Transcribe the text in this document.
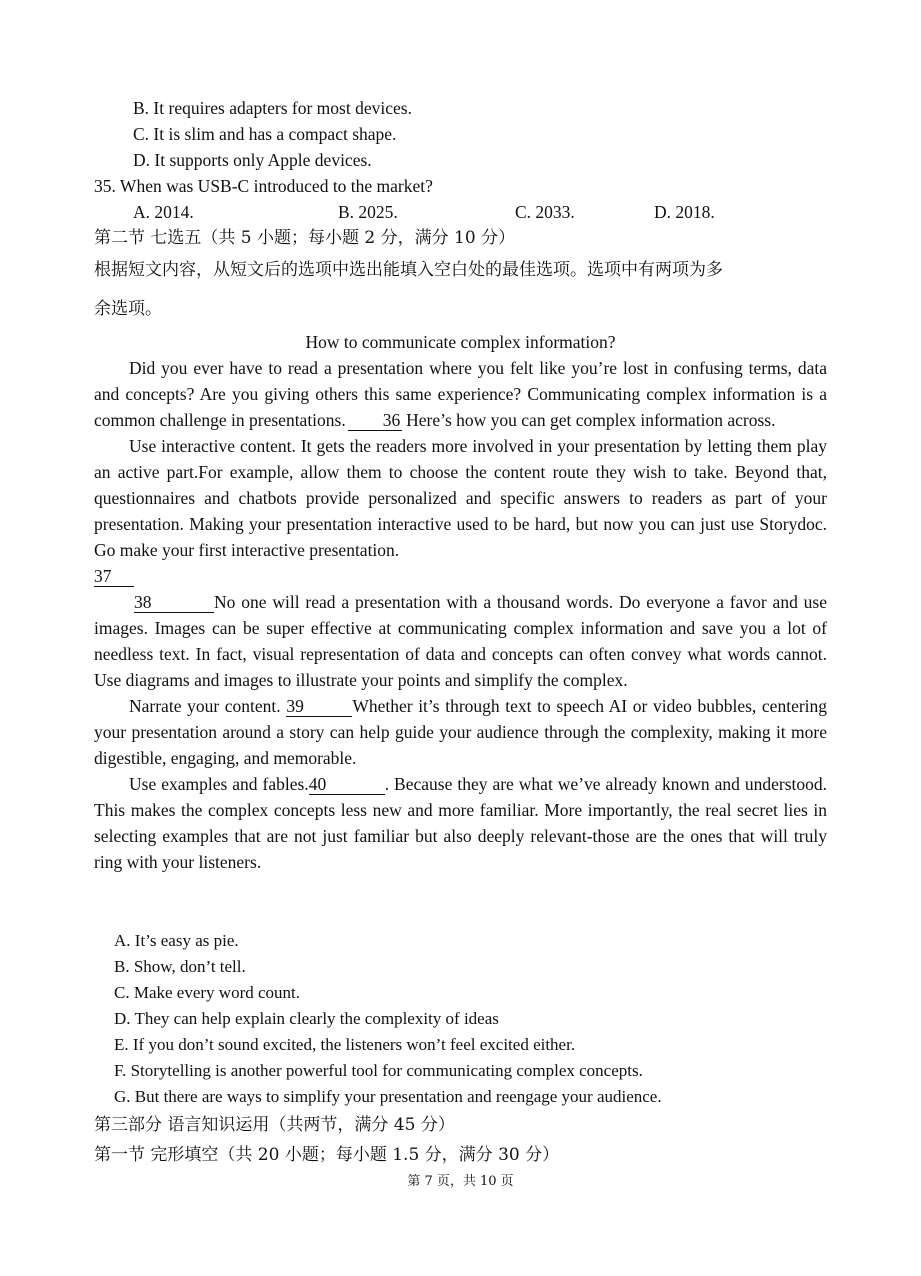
B. It requires adapters for most devices.
C. It is slim and has a compact shape.
D. It supports only Apple devices.
35. When was USB-C introduced to the market?
A. 2014.	B. 2025.	C. 2033.	D. 2018.
第二节 七选五（共 5 小题；每小题 2 分，满分 10 分）
根据短文内容，从短文后的选项中选出能填入空白处的最佳选项。选项中有两项为多
余选项。
How to communicate complex information?

Did you ever have to read a presentation where you felt like you’re lost in confusing terms, data and concepts? Are you giving others this same experience? Communicating complex information is a common challenge in presentations. 36 Here’s how you can get complex information across.

Use interactive content. It gets the readers more involved in your presentation by letting them play an active part.For example, allow them to choose the content route they wish to take. Beyond that, questionnaires and chatbots provide personalized and specific answers to readers as part of your presentation. Making your presentation interactive used to be hard, but now you can just use Storydoc. Go make your first interactive presentation.

37

38	No one will read a presentation with a thousand words. Do everyone a favor and use images. Images can be super effective at communicating complex information and save you a lot of needless text. In fact, visual representation of data and concepts can often convey what words cannot. Use diagrams and images to illustrate your points and simplify the complex.

Narrate your content. 39	Whether it’s through text to speech AI or video bubbles, centering your presentation around a story can help guide your audience through the complexity, making it more digestible, engaging, and memorable.

Use examples and fables.40	. Because they are what we’ve already known and understood. This makes the complex concepts less new and more familiar. More importantly, the real secret lies in selecting examples that are not just familiar but also deeply relevant-those are the ones that will truly ring with your listeners.

A. It’s easy as pie.
B. Show, don’t tell.
C. Make every word count.
D. They can help explain clearly the complexity of ideas
E. If you don’t sound excited, the listeners won’t feel excited either.
F. Storytelling is another powerful tool for communicating complex concepts.
G. But there are ways to simplify your presentation and reengage your audience.
第三部分 语言知识运用（共两节，满分 45 分）
第一节 完形填空（共 20 小题；每小题 1.5 分，满分 30 分）
第 7 页，共 10 页
